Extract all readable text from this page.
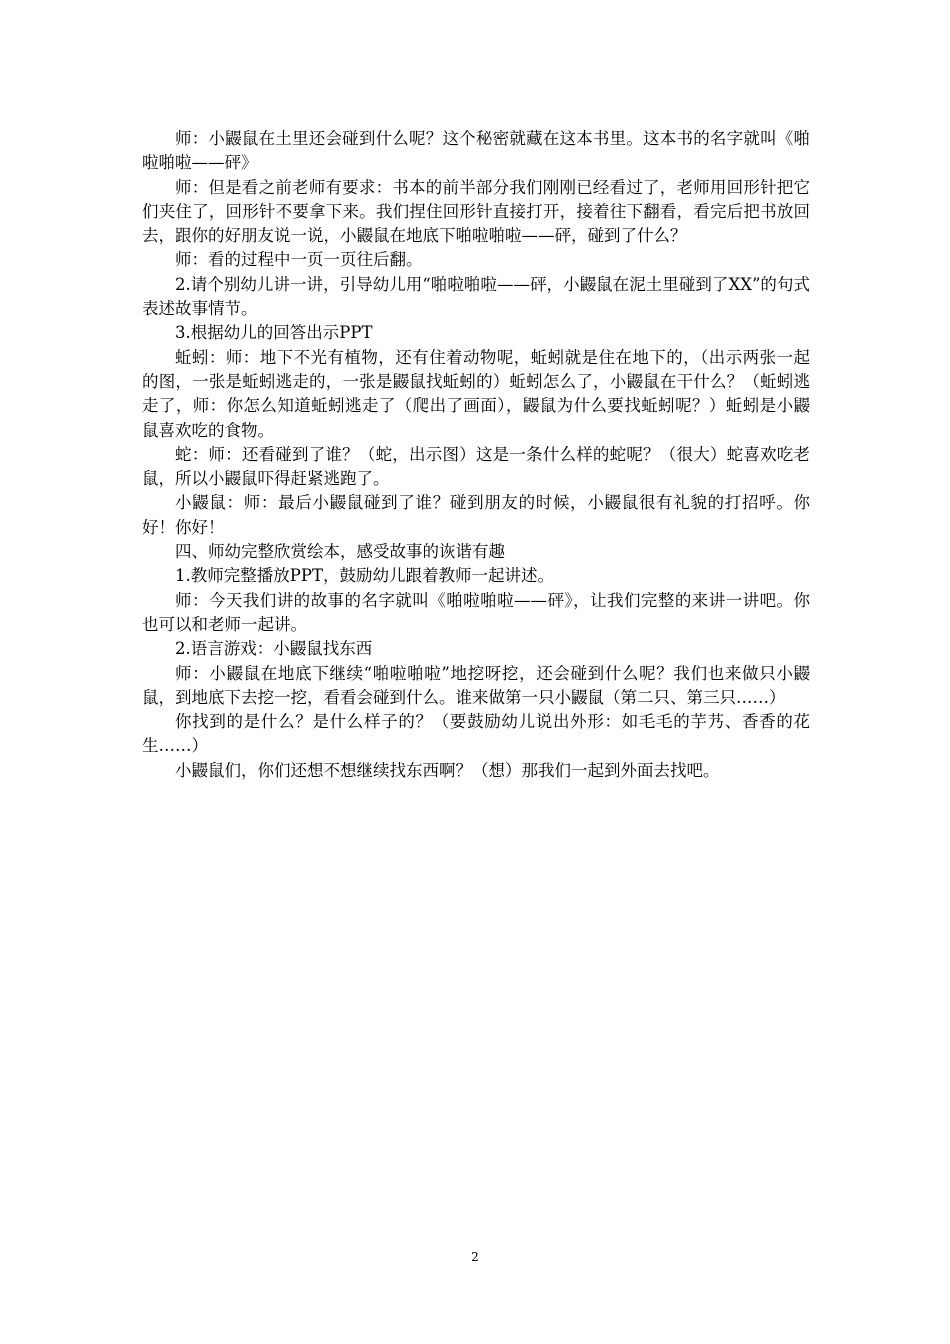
师：小鼹鼠在土里还会碰到什么呢？这个秘密就藏在这本书里。这本书的名字就叫《啪啦啪啦——砰》

师：但是看之前老师有要求：书本的前半部分我们刚刚已经看过了，老师用回形针把它们夹住了，回形针不要拿下来。我们捏住回形针直接打开，接着往下翻看，看完后把书放回去，跟你的好朋友说一说，小鼹鼠在地底下啪啦啪啦——砰，碰到了什么？

师：看的过程中一页一页往后翻。

2.请个别幼儿讲一讲，引导幼儿用“啪啦啪啦——砰，小鼹鼠在泥土里碰到了XX”的句式表述故事情节。

3.根据幼儿的回答出示PPT

蚯蚓：师：地下不光有植物，还有住着动物呢，蚯蚓就是住在地下的，（出示两张一起的图，一张是蚯蚓逃走的，一张是鼹鼠找蚯蚓的）蚯蚓怎么了，小鼹鼠在干什么？（蚯蚓逃走了，师：你怎么知道蚯蚓逃走了（爬出了画面），鼹鼠为什么要找蚯蚓呢？）蚯蚓是小鼹鼠喜欢吃的食物。

蛇：师：还看碰到了谁？（蛇，出示图）这是一条什么样的蛇呢？（很大）蛇喜欢吃老鼠，所以小鼹鼠吓得赶紧逃跑了。

小鼹鼠：师：最后小鼹鼠碰到了谁？碰到朋友的时候，小鼹鼠很有礼貌的打招呼。你好！你好！

四、师幼完整欣赏绘本，感受故事的诙谐有趣

1.教师完整播放PPT，鼓励幼儿跟着教师一起讲述。

师：今天我们讲的故事的名字就叫《啪啦啪啦——砰》，让我们完整的来讲一讲吧。你也可以和老师一起讲。

2.语言游戏：小鼹鼠找东西

师：小鼹鼠在地底下继续“啪啦啪啦”地挖呀挖，还会碰到什么呢？我们也来做只小鼹鼠，到地底下去挖一挖，看看会碰到什么。谁来做第一只小鼹鼠（第二只、第三只……）

你找到的是什么？是什么样子的？（要鼓励幼儿说出外形：如毛毛的芋艿、香香的花生……）

小鼹鼠们，你们还想不想继续找东西啊？（想）那我们一起到外面去找吧。

2
